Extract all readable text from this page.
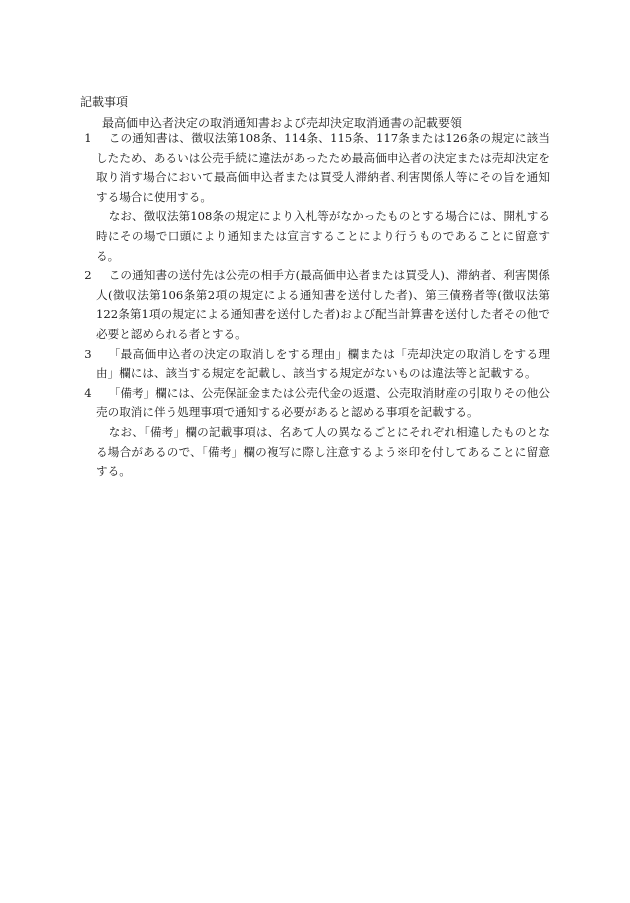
記載事項
最高価申込者決定の取消通知書および売却決定取消通書の記載要領
1	この通知書は、徴収法第108条、114条、115条、117条または126条の規定に該当したため、あるいは公売手続に違法があったため最高価申込者の決定または売却決定を取り消す場合において最高価申込者または買受人滞納者､利害関係人等にその旨を通知する場合に使用する。
なお、徴収法第108条の規定により入札等がなかったものとする場合には、開札する時にその場で口頭により通知または宣言することにより行うものであることに留意する。
2	この通知書の送付先は公売の相手方(最高価申込者または買受人)、滞納者、利害関係人(徴収法第106条第2項の規定による通知書を送付した者)、第三債務者等(徴収法第122条第1項の規定による通知書を送付した者)および配当計算書を送付した者その他で必要と認められる者とする。
3	「最高価申込者の決定の取消しをする理由」欄または「売却決定の取消しをする理由」欄には、該当する規定を記載し、該当する規定がないものは違法等と記載する。
4	「備考」欄には、公売保証金または公売代金の返還、公売取消財産の引取りその他公売の取消に伴う処理事項で通知する必要があると認める事項を記載する。
なお、「備考」欄の記載事項は、名あて人の異なるごとにそれぞれ相違したものとなる場合があるので、「備考」欄の複写に際し注意するよう※印を付してあることに留意する。
